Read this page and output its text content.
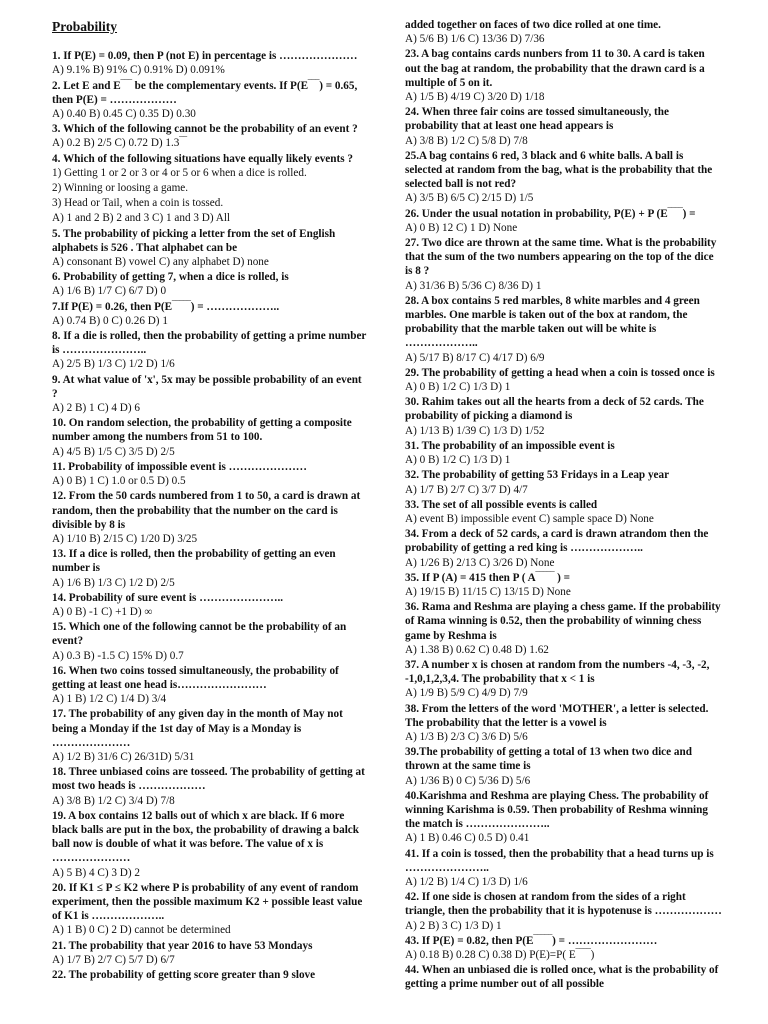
Probability
1. If P(E) = 0.09, then P (not E) in percentage is …………………
A) 9.1% B) 91% C) 0.91% D) 0.091%
2. Let E and E‾‾‾ be the complementary events. If P(E‾‾‾) = 0.65, then P(E) = ………………
A) 0.40 B) 0.45 C) 0.35 D) 0.30
3. Which of the following cannot be the probability of an event ?
A) 0.2 B) 2/5 C) 0.72 D) 1.3‾‾
4. Which of the following situations have equally likely events ?
1) Getting 1 or 2 or 3 or 4 or 5 or 6 when a dice is rolled.
2) Winning or loosing a game.
3) Head or Tail, when a coin is tossed.
A) 1 and 2 B) 2 and 3 C) 1 and 3 D) All
5. The probability of picking a letter from the set of English alphabets is 526 . That alphabet can be
A) consonant B) vowel C) any alphabet D) none
6. Probability of getting 7, when a dice is rolled, is
A) 1/6 B) 1/7 C) 6/7 D) 0
7.If P(E) = 0.26, then P(E‾‾‾‾‾) = ………………..
A) 0.74 B) 0 C) 0.26 D) 1
8. If a die is rolled, then the probability of getting a prime number is …………………..
A) 2/5 B) 1/3 C) 1/2 D) 1/6
9. At what value of 'x', 5x may be possible probability of an event ?
A) 2 B) 1 C) 4 D) 6
10. On random selection, the probability of getting a composite number among the numbers from 51 to 100.
A) 4/5 B) 1/5 C) 3/5 D) 2/5
11. Probability of impossible event is …………………
A) 0 B) 1 C) 1.0 or 0.5 D) 0.5
12. From the 50 cards numbered from 1 to 50, a card is drawn at random, then the probability that the number on the card is divisible by 8 is
A) 1/10 B) 2/15 C) 1/20 D) 3/25
13. If a dice is rolled, then the probability of getting an even number is
A) 1/6 B) 1/3 C) 1/2 D) 2/5
14. Probability of sure event is …………………..
A) 0 B) -1 C) +1 D) ∞
15. Which one of the following cannot be the probability of an event?
A) 0.3 B) -1.5 C) 15% D) 0.7
16. When two coins tossed simultaneously, the probability of getting at least one head is……………………
A) 1 B) 1/2 C) 1/4 D) 3/4
17. The probability of any given day in the month of May not being a Monday if the 1st day of May is a Monday is …………………
A) 1/2 B) 31/6 C) 26/31D) 5/31
18. Three unbiased coins are tosseed. The probability of getting at most two heads is ………………
A) 3/8 B) 1/2 C) 3/4 D) 7/8
19. A box contains 12 balls out of which x are black. If 6 more black balls are put in the box, the probability of drawing a balck ball now is double of what it was before. The value of x is …………………
A) 5 B) 4 C) 3 D) 2
20. If K1 ≤ P ≤ K2 where P is probability of any event of random experiment, then the possible maximum K2 + possible least value of K1 is ………………..
A) 1 B) 0 C) 2 D) cannot be determined
21. The probability that year 2016 to have 53 Mondays
A) 1/7 B) 2/7 C) 5/7 D) 6/7
22. The probability of getting score greater than 9 slove
added together on faces of two dice rolled at one time.
A) 5/6 B) 1/6 C) 13/36 D) 7/36
23. A bag contains cards nunbers from 11 to 30. A card is taken out the bag at random, the probability that the drawn card is a multiple of 5 on it.
A) 1/5 B) 4/19 C) 3/20 D) 1/18
24. When three fair coins are tossed simultaneously, the probability that at least one head appears is
A) 3/8 B) 1/2 C) 5/8 D) 7/8
25.A bag contains 6 red, 3 black and 6 white balls. A ball is selected at random from the bag, what is the probability that the selected ball is not red?
A) 3/5 B) 6/5 C) 2/15 D) 1/5
26. Under the usual notation in probability, P(E) + P (E‾‾‾‾) =
A) 0 B) 12 C) 1 D) None
27. Two dice are thrown at the same time. What is the probability that the sum of the two numbers appearing on the top of the dice is 8 ?
A) 31/36 B) 5/36 C) 8/36 D) 1
28. A box contains 5 red marbles, 8 white marbles and 4 green marbles. One marble is taken out of the box at random, the probability that the marble taken out will be white is ………………..
A) 5/17 B) 8/17 C) 4/17 D) 6/9
29. The probability of getting a head when a coin is tossed once is
A) 0 B) 1/2 C) 1/3 D) 1
30. Rahim takes out all the hearts from a deck of 52 cards. The probability of picking a diamond is
A) 1/13 B) 1/39 C) 1/3 D) 1/52
31. The probability of an impossible event is
A) 0 B) 1/2 C) 1/3 D) 1
32. The probability of getting 53 Fridays in a Leap year
A) 1/7 B) 2/7 C) 3/7 D) 4/7
33. The set of all possible events is called
A) event B) impossible event C) sample space D) None
34. From a deck of 52 cards, a card is drawn atrandom then the probability of getting a red king is ………………..
A) 1/26 B) 2/13 C) 3/26 D) None
35. If P (A) = 415 then P ( A‾‾‾‾‾ ) =
A) 19/15 B) 11/15 C) 13/15 D) None
36. Rama and Reshma are playing a chess game. If the probability of Rama winning is 0.52, then the probability of winning chess game by Reshma is
A) 1.38 B) 0.62 C) 0.48 D) 1.62
37. A number x is chosen at random from the numbers -4, -3, -2, -1,0,1,2,3,4. The probability that x < 1 is
A) 1/9 B) 5/9 C) 4/9 D) 7/9
38. From the letters of the word 'MOTHER', a letter is selected. The probability that the letter is a vowel is
A) 1/3 B) 2/3 C) 3/6 D) 5/6
39.The probability of getting a total of 13 when two dice and thrown at the same time is
A) 1/36 B) 0 C) 5/36 D) 5/6
40.Karishma and Reshma are playing Chess. The probability of winning Karishma is 0.59. Then probability of Reshma winning the match is …………………..
A) 1 B) 0.46 C) 0.5 D) 0.41
41. If a coin is tossed, then the probability that a head turns up is …………………..
A) 1/2 B) 1/4 C) 1/3 D) 1/6
42. If one side is chosen at random from the sides of a right triangle, then the probability that it is hypotenuse is ………………
A) 2 B) 3 C) 1/3 D) 1
43. If P(E) = 0.82, then P(E‾‾‾‾‾) = ……………………
A) 0.18 B) 0.28 C) 0.38 D) P(E)=P( E‾‾‾‾)
44. When an unbiased die is rolled once, what is the probability of getting a prime number out of all possible
